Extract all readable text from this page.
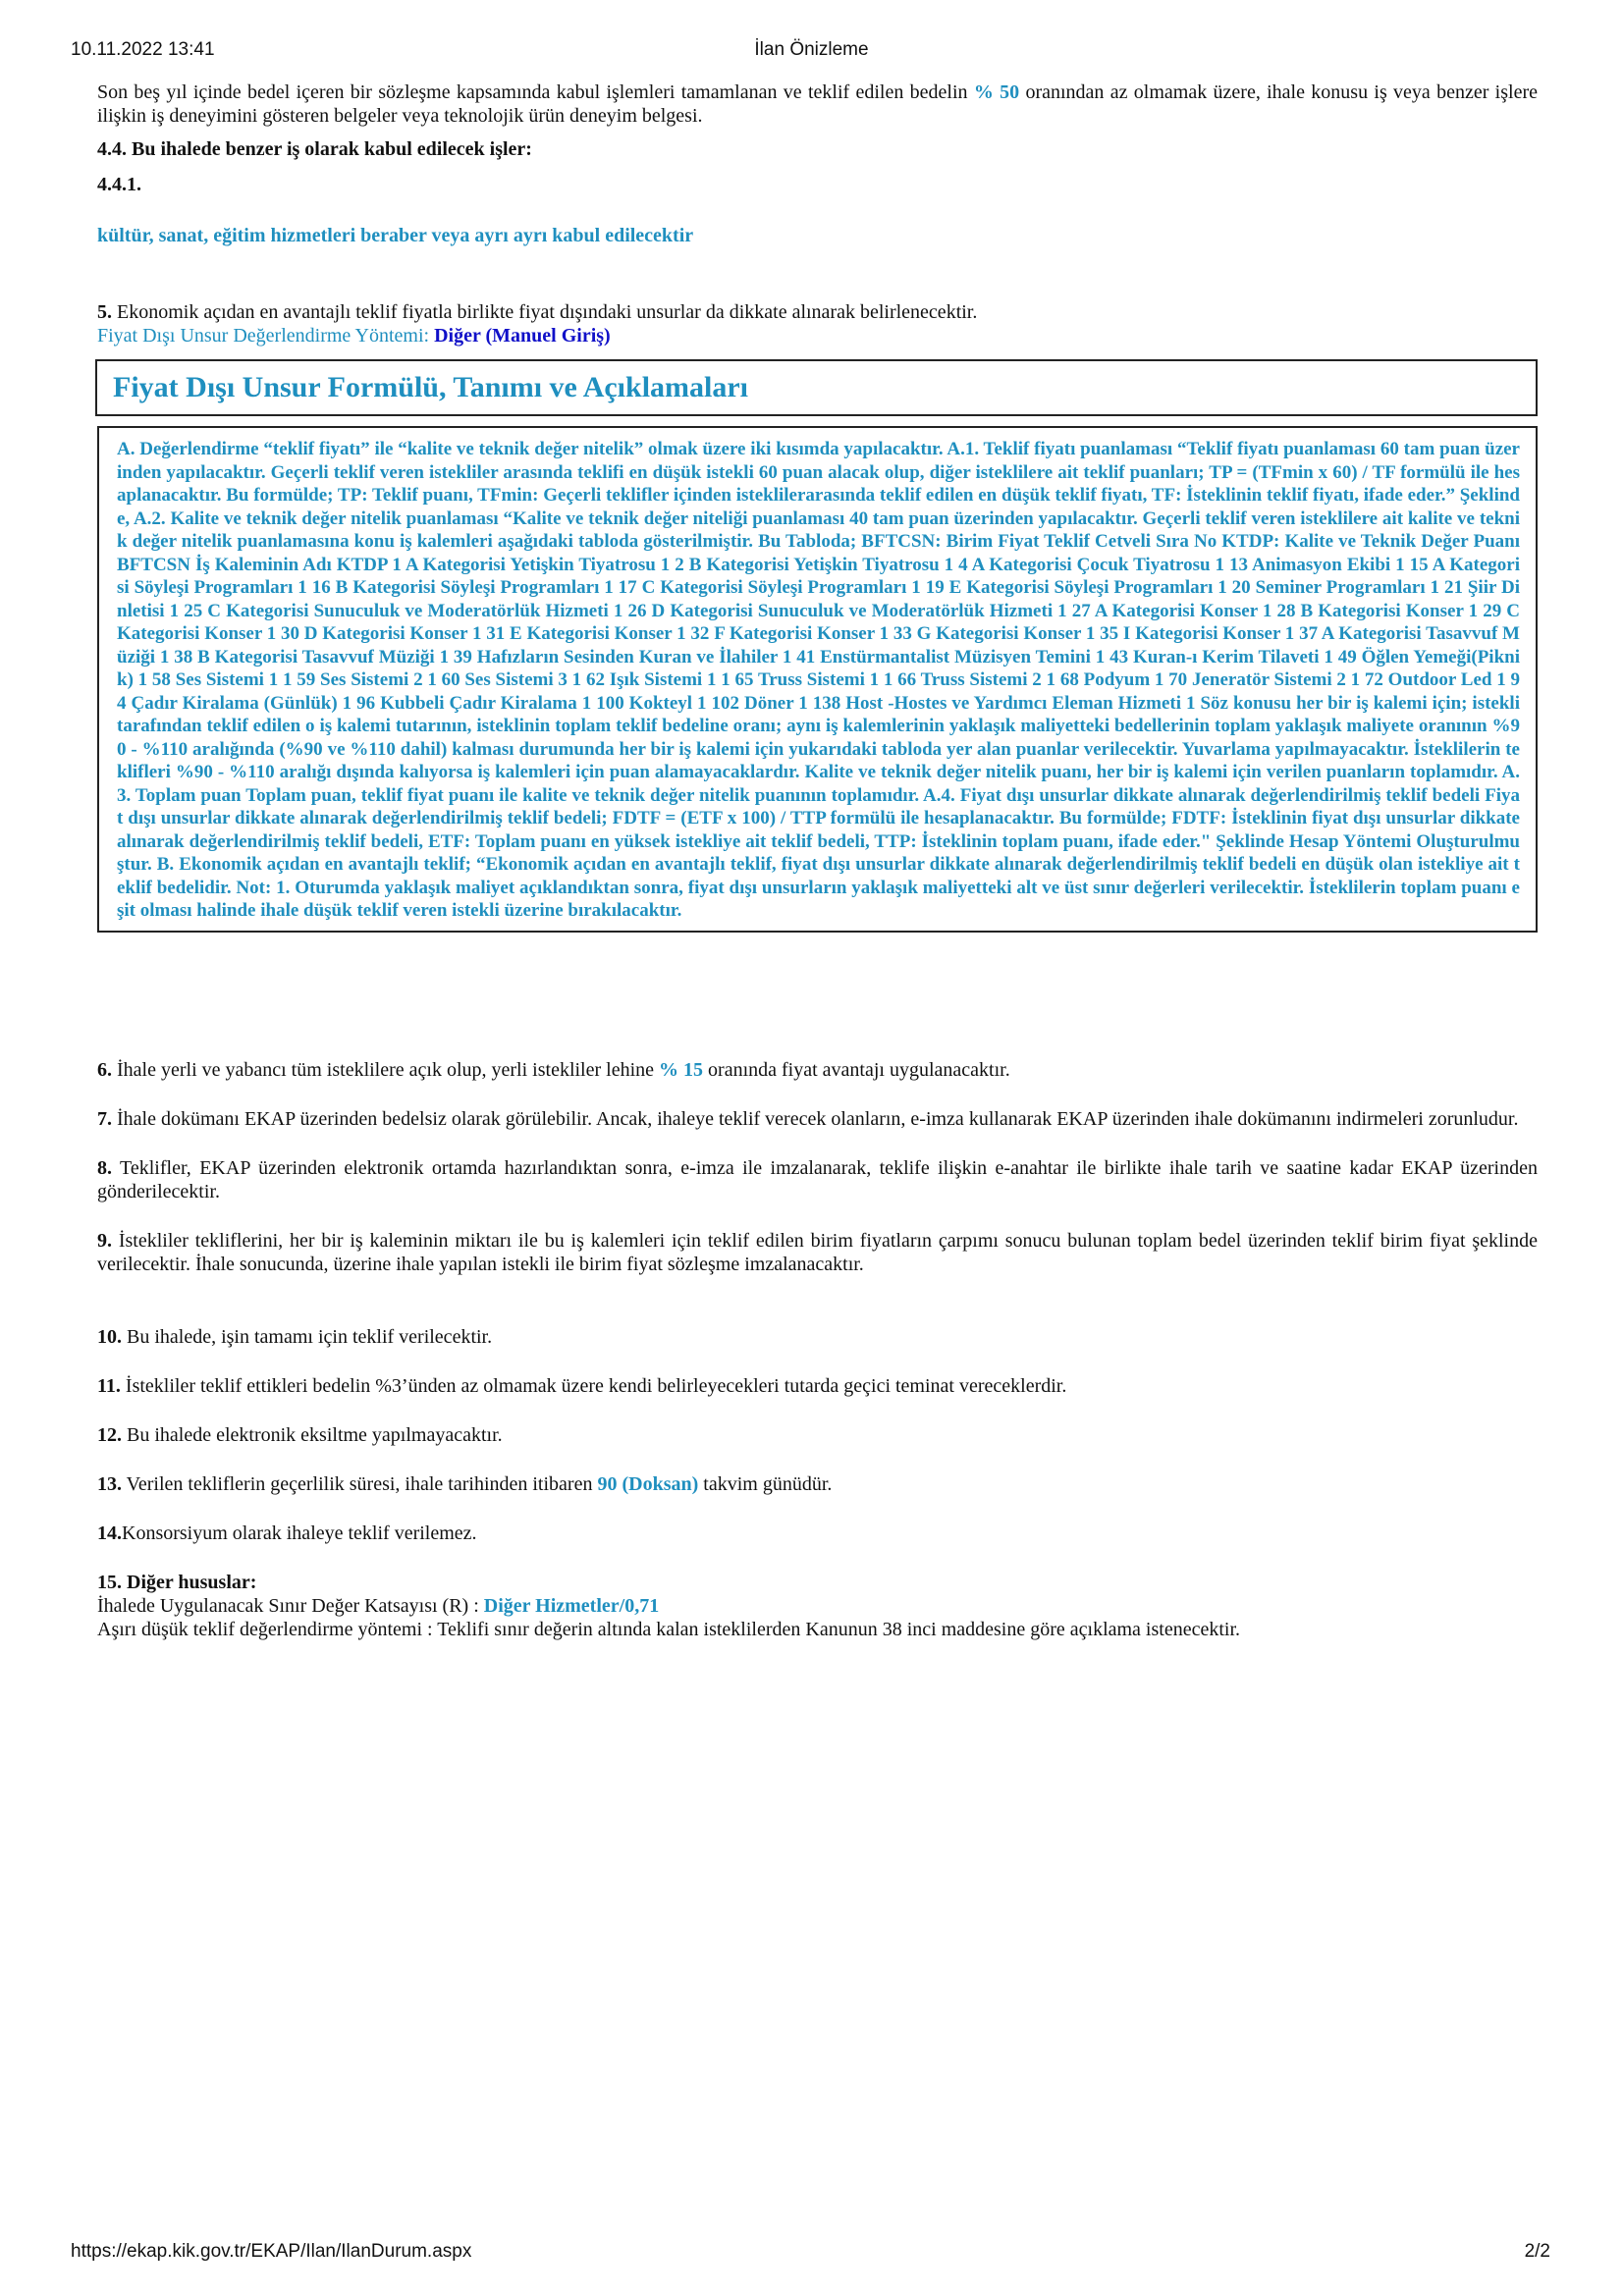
10.11.2022 13:41	İlan Önizleme

Son beş yıl içinde bedel içeren bir sözleşme kapsamında kabul işlemleri tamamlanan ve teklif edilen bedelin % 50 oranından az olmamak üzere, ihale konusu iş veya benzer işlere ilişkin iş deneyimini gösteren belgeler veya teknolojik ürün deneyim belgesi.

4.4. Bu ihalede benzer iş olarak kabul edilecek işler:

4.4.1.

kültür, sanat, eğitim hizmetleri beraber veya ayrı ayrı kabul edilecektir

5. Ekonomik açıdan en avantajlı teklif fiyatla birlikte fiyat dışındaki unsurlar da dikkate alınarak belirlenecektir.

Fiyat Dışı Unsur Değerlendirme Yöntemi: Diğer (Manuel Giriş)

Fiyat Dışı Unsur Formülü, Tanımı ve Açıklamaları
A. Değerlendirme “teklif fiyatı” ile “kalite ve teknik değer nitelik” olmak üzere iki kısımda yapılacaktır. A.1. Teklif fiyatı puanlaması “Teklif fiyatı puanlaması 60 tam puan üzerinden yapılacaktır. Geçerli teklif veren istekliler arasında teklifi en düşük istekli 60 puan alacak olup, diğer isteklilere ait teklif puanları; TP = (TFmin x 60) / TF formülü ile hesaplanacaktır. Bu formülde; TP: Teklif puanı, TFmin: Geçerli teklifler içinden isteklilerarasında teklif edilen en düşük teklif fiyatı, TF: İsteklinin teklif fiyatı, ifade eder.” Şeklinde, A.2. Kalite ve teknik değer nitelik puanlaması “Kalite ve teknik değer niteliği puanlaması 40 tam puan üzerinden yapılacaktır. Geçerli teklif veren isteklilere ait kalite ve teknik değer nitelik puanlamasına konu iş kalemleri aşağıdaki tabloda gösterilmiştir. Bu Tabloda; BFTCSN: Birim Fiyat Teklif Cetveli Sıra No KTDP: Kalite ve Teknik Değer Puanı BFTCSN İş Kaleminin Adı KTDP 1 A Kategorisi Yetişkin Tiyatrosu 1 2 B Kategorisi Yetişkin Tiyatrosu 1 4 A Kategorisi Çocuk Tiyatrosu 1 13 Animasyon Ekibi 1 15 A Kategorisi Söyleşi Programları 1 16 B Kategorisi Söyleşi Programları 1 17 C Kategorisi Söyleşi Programları 1 19 E Kategorisi Söyleşi Programları 1 20 Seminer Programları 1 21 Şiir Dinletisi 1 25 C Kategorisi Sunuculuk ve Moderatörlük Hizmeti 1 26 D Kategorisi Sunuculuk ve Moderatörlük Hizmeti 1 27 A Kategorisi Konser 1 28 B Kategorisi Konser 1 29 C Kategorisi Konser 1 30 D Kategorisi Konser 1 31 E Kategorisi Konser 1 32 F Kategorisi Konser 1 33 G Kategorisi Konser 1 35 I Kategorisi Konser 1 37 A Kategorisi Tasavvuf Müziği 1 38 B Kategorisi Tasavvuf Müziği 1 39 Hafızların Sesinden Kuran ve İlahiler 1 41 Enstürmantalist Müzisyen Temini 1 43 Kuran-ı Kerim Tilaveti 1 49 Öğlen Yemeği(Piknik) 1 58 Ses Sistemi 1 1 59 Ses Sistemi 2 1 60 Ses Sistemi 3 1 62 Işık Sistemi 1 1 65 Truss Sistemi 1 1 66 Truss Sistemi 2 1 68 Podyum 1 70 Jeneratör Sistemi 2 1 72 Outdoor Led 1 94 Çadır Kiralama (Günlük) 1 96 Kubbeli Çadır Kiralama 1 100 Kokteyl 1 102 Döner 1 138 Host -Hostes ve Yardımcı Eleman Hizmeti 1 Söz konusu her bir iş kalemi için; istekli tarafından teklif edilen o iş kalemi tutarının, isteklinin toplam teklif bedeline oranı; aynı iş kalemlerinin yaklaşık maliyetteki bedellerinin toplam yaklaşık maliyete oranının %90 - %110 aralığında (%90 ve %110 dahil) kalması durumunda her bir iş kalemi için yukarıdaki tabloda yer alan puanlar verilecektir. Yuvarlama yapılmayacaktır. İsteklilerin teklifleri %90 - %110 aralığı dışında kalıyorsa iş kalemleri için puan alamayacaklardır. Kalite ve teknik değer nitelik puanı, her bir iş kalemi için verilen puanların toplamıdır. A.3. Toplam puan Toplam puan, teklif fiyat puanı ile kalite ve teknik değer nitelik puanının toplamıdır. A.4. Fiyat dışı unsurlar dikkate alınarak değerlendirilmiş teklif bedeli Fiyat dışı unsurlar dikkate alınarak değerlendirilmiş teklif bedeli; FDTF = (ETF x 100) / TTP formülü ile hesaplanacaktır. Bu formülde; FDTF: İsteklinin fiyat dışı unsurlar dikkate alınarak değerlendirilmiş teklif bedeli, ETF: Toplam puanı en yüksek istekliye ait teklif bedeli, TTP: İsteklinin toplam puanı, ifade eder." Şeklinde Hesap Yöntemi Oluşturulmuştur. B. Ekonomik açıdan en avantajlı teklif; “Ekonomik açıdan en avantajlı teklif, fiyat dışı unsurlar dikkate alınarak değerlendirilmiş teklif bedeli en düşük olan istekliye ait teklif bedelidir. Not: 1. Oturumda yaklaşık maliyet açıklandıktan sonra, fiyat dışı unsurların yaklaşık maliyetteki alt ve üst sınır değerleri verilecektir. İsteklilerin toplam puanı eşit olması halinde ihale düşük teklif veren istekli üzerine bırakılacaktır.

6. İhale yerli ve yabancı tüm isteklilere açık olup, yerli istekliler lehine % 15 oranında fiyat avantajı uygulanacaktır.

7. İhale dokümanı EKAP üzerinden bedelsiz olarak görülebilir. Ancak, ihaleye teklif verecek olanların, e-imza kullanarak EKAP üzerinden ihale dokümanını indirmeleri zorunludur.

8. Teklifler, EKAP üzerinden elektronik ortamda hazırlandıktan sonra, e-imza ile imzalanarak, teklife ilişkin e-anahtar ile birlikte ihale tarih ve saatine kadar EKAP üzerinden gönderilecektir.

9. İstekliler tekliflerini, her bir iş kaleminin miktarı ile bu iş kalemleri için teklif edilen birim fiyatların çarpımı sonucu bulunan toplam bedel üzerinden teklif birim fiyat şeklinde verilecektir. İhale sonucunda, üzerine ihale yapılan istekli ile birim fiyat sözleşme imzalanacaktır.

10. Bu ihalede, işin tamamı için teklif verilecektir.

11. İstekliler teklif ettikleri bedelin %3’ünden az olmamak üzere kendi belirleyecekleri tutarda geçici teminat vereceklerdir.

12. Bu ihalede elektronik eksiltme yapılmayacaktır.

13. Verilen tekliflerin geçerlilik süresi, ihale tarihinden itibaren 90 (Doksan) takvim günüdür.

14.Konsorsiyum olarak ihaleye teklif verilemez.

15. Diğer hususlar:

İhalede Uygulanacak Sınır Değer Katsayısı (R) : Diğer Hizmetler/0,71

Aşırı düşük teklif değerlendirme yöntemi : Teklifi sınır değerin altında kalan isteklilerden Kanunun 38 inci maddesine göre açıklama istenecektir.

https://ekap.kik.gov.tr/EKAP/Ilan/IlanDurum.aspx	2/2
